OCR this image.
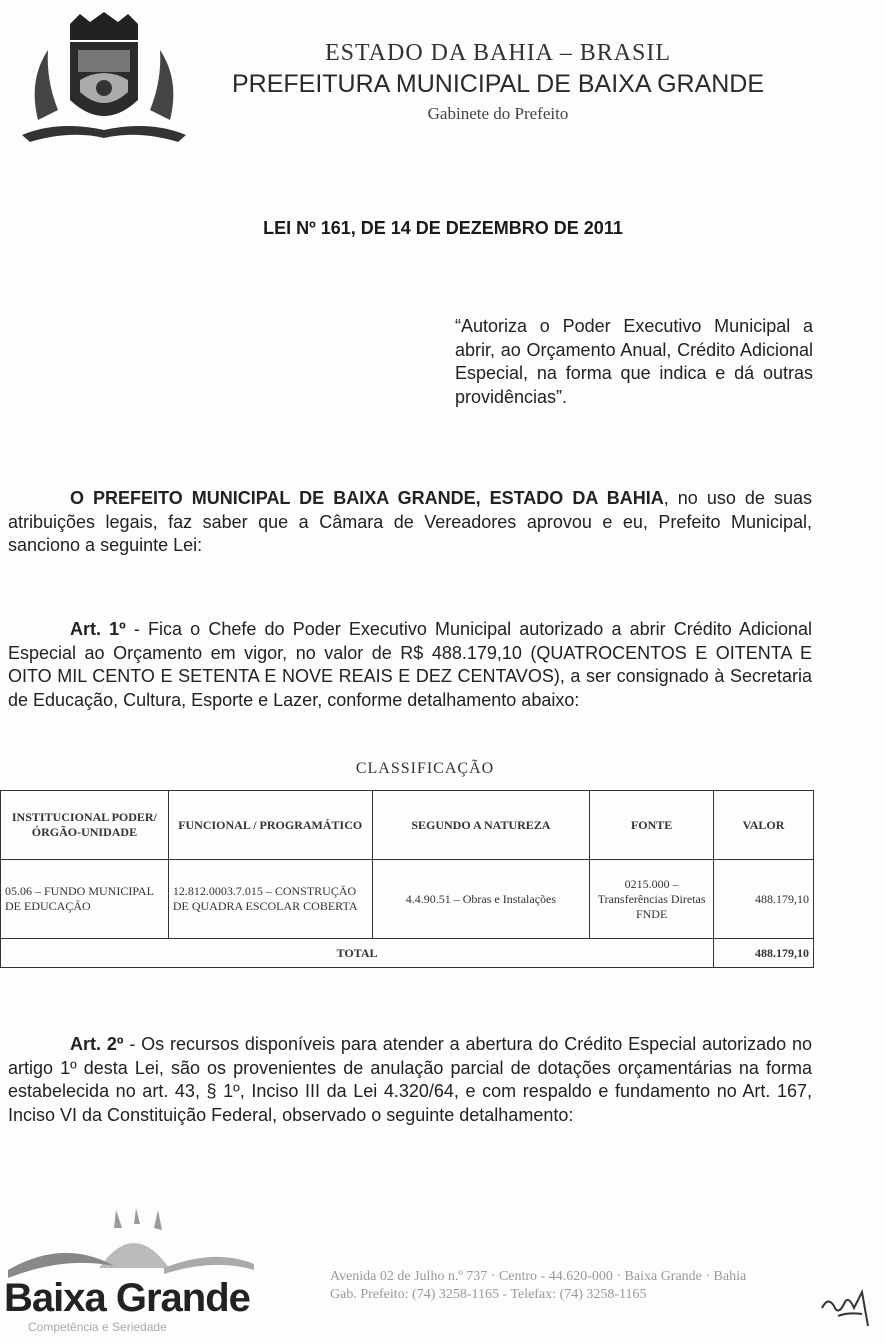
ESTADO DA BAHIA – BRASIL
PREFEITURA MUNICIPAL DE BAIXA GRANDE
Gabinete do Prefeito
LEI Nº 161, DE 14 DE DEZEMBRO DE 2011
“Autoriza o Poder Executivo Municipal a abrir, ao Orçamento Anual, Crédito Adicional Especial, na forma que indica e dá outras providências”.
O PREFEITO MUNICIPAL DE BAIXA GRANDE, ESTADO DA BAHIA, no uso de suas atribuições legais, faz saber que a Câmara de Vereadores aprovou e eu, Prefeito Municipal, sanciono a seguinte Lei:
Art. 1º - Fica o Chefe do Poder Executivo Municipal autorizado a abrir Crédito Adicional Especial ao Orçamento em vigor, no valor de R$ 488.179,10 (QUATROCENTOS E OITENTA E OITO MIL CENTO E SETENTA E NOVE REAIS E DEZ CENTAVOS), a ser consignado à Secretaria de Educação, Cultura, Esporte e Lazer, conforme detalhamento abaixo:
CLASSIFICAÇÃO
INSTITUCIONAL PODER/ÓRGÃO-UNIDADE	FUNCIONAL / PROGRAMÁTICO	SEGUNDO A NATUREZA	FONTE	VALOR
05.06 – FUNDO MUNICIPAL DE EDUCAÇÃO	12.812.0003.7.015 – CONSTRUÇÃO DE QUADRA ESCOLAR COBERTA	4.4.90.51 – Obras e Instalações	0215.000 – Transferências Diretas FNDE	488.179,10
TOTAL				488.179,10
Art. 2º - Os recursos disponíveis para atender a abertura do Crédito Especial autorizado no artigo 1º desta Lei, são os provenientes de anulação parcial de dotações orçamentárias na forma estabelecida no art. 43, § 1º, Inciso III da Lei 4.320/64, e com respaldo e fundamento no Art. 167, Inciso VI da Constituição Federal, observado o seguinte detalhamento:
Baixa Grande
Competência e Seriedade
Avenida 02 de Julho n.º 737 · Centro - 44.620-000 · Baixa Grande · Bahia
Gab. Prefeito: (74) 3258-1165 - Telefax: (74) 3258-1165
